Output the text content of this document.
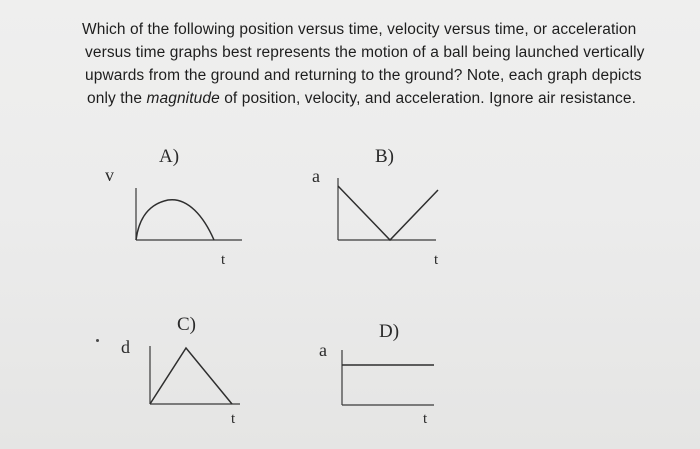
Which of the following position versus time, velocity versus time, or acceleration
versus time graphs best represents the motion of a ball being launched vertically
upwards from the ground and returning to the ground? Note, each graph depicts
only the magnitude of position, velocity, and acceleration. Ignore air resistance.
A)
v
t
B)
a
t
C)
d
t
D)
a
t
